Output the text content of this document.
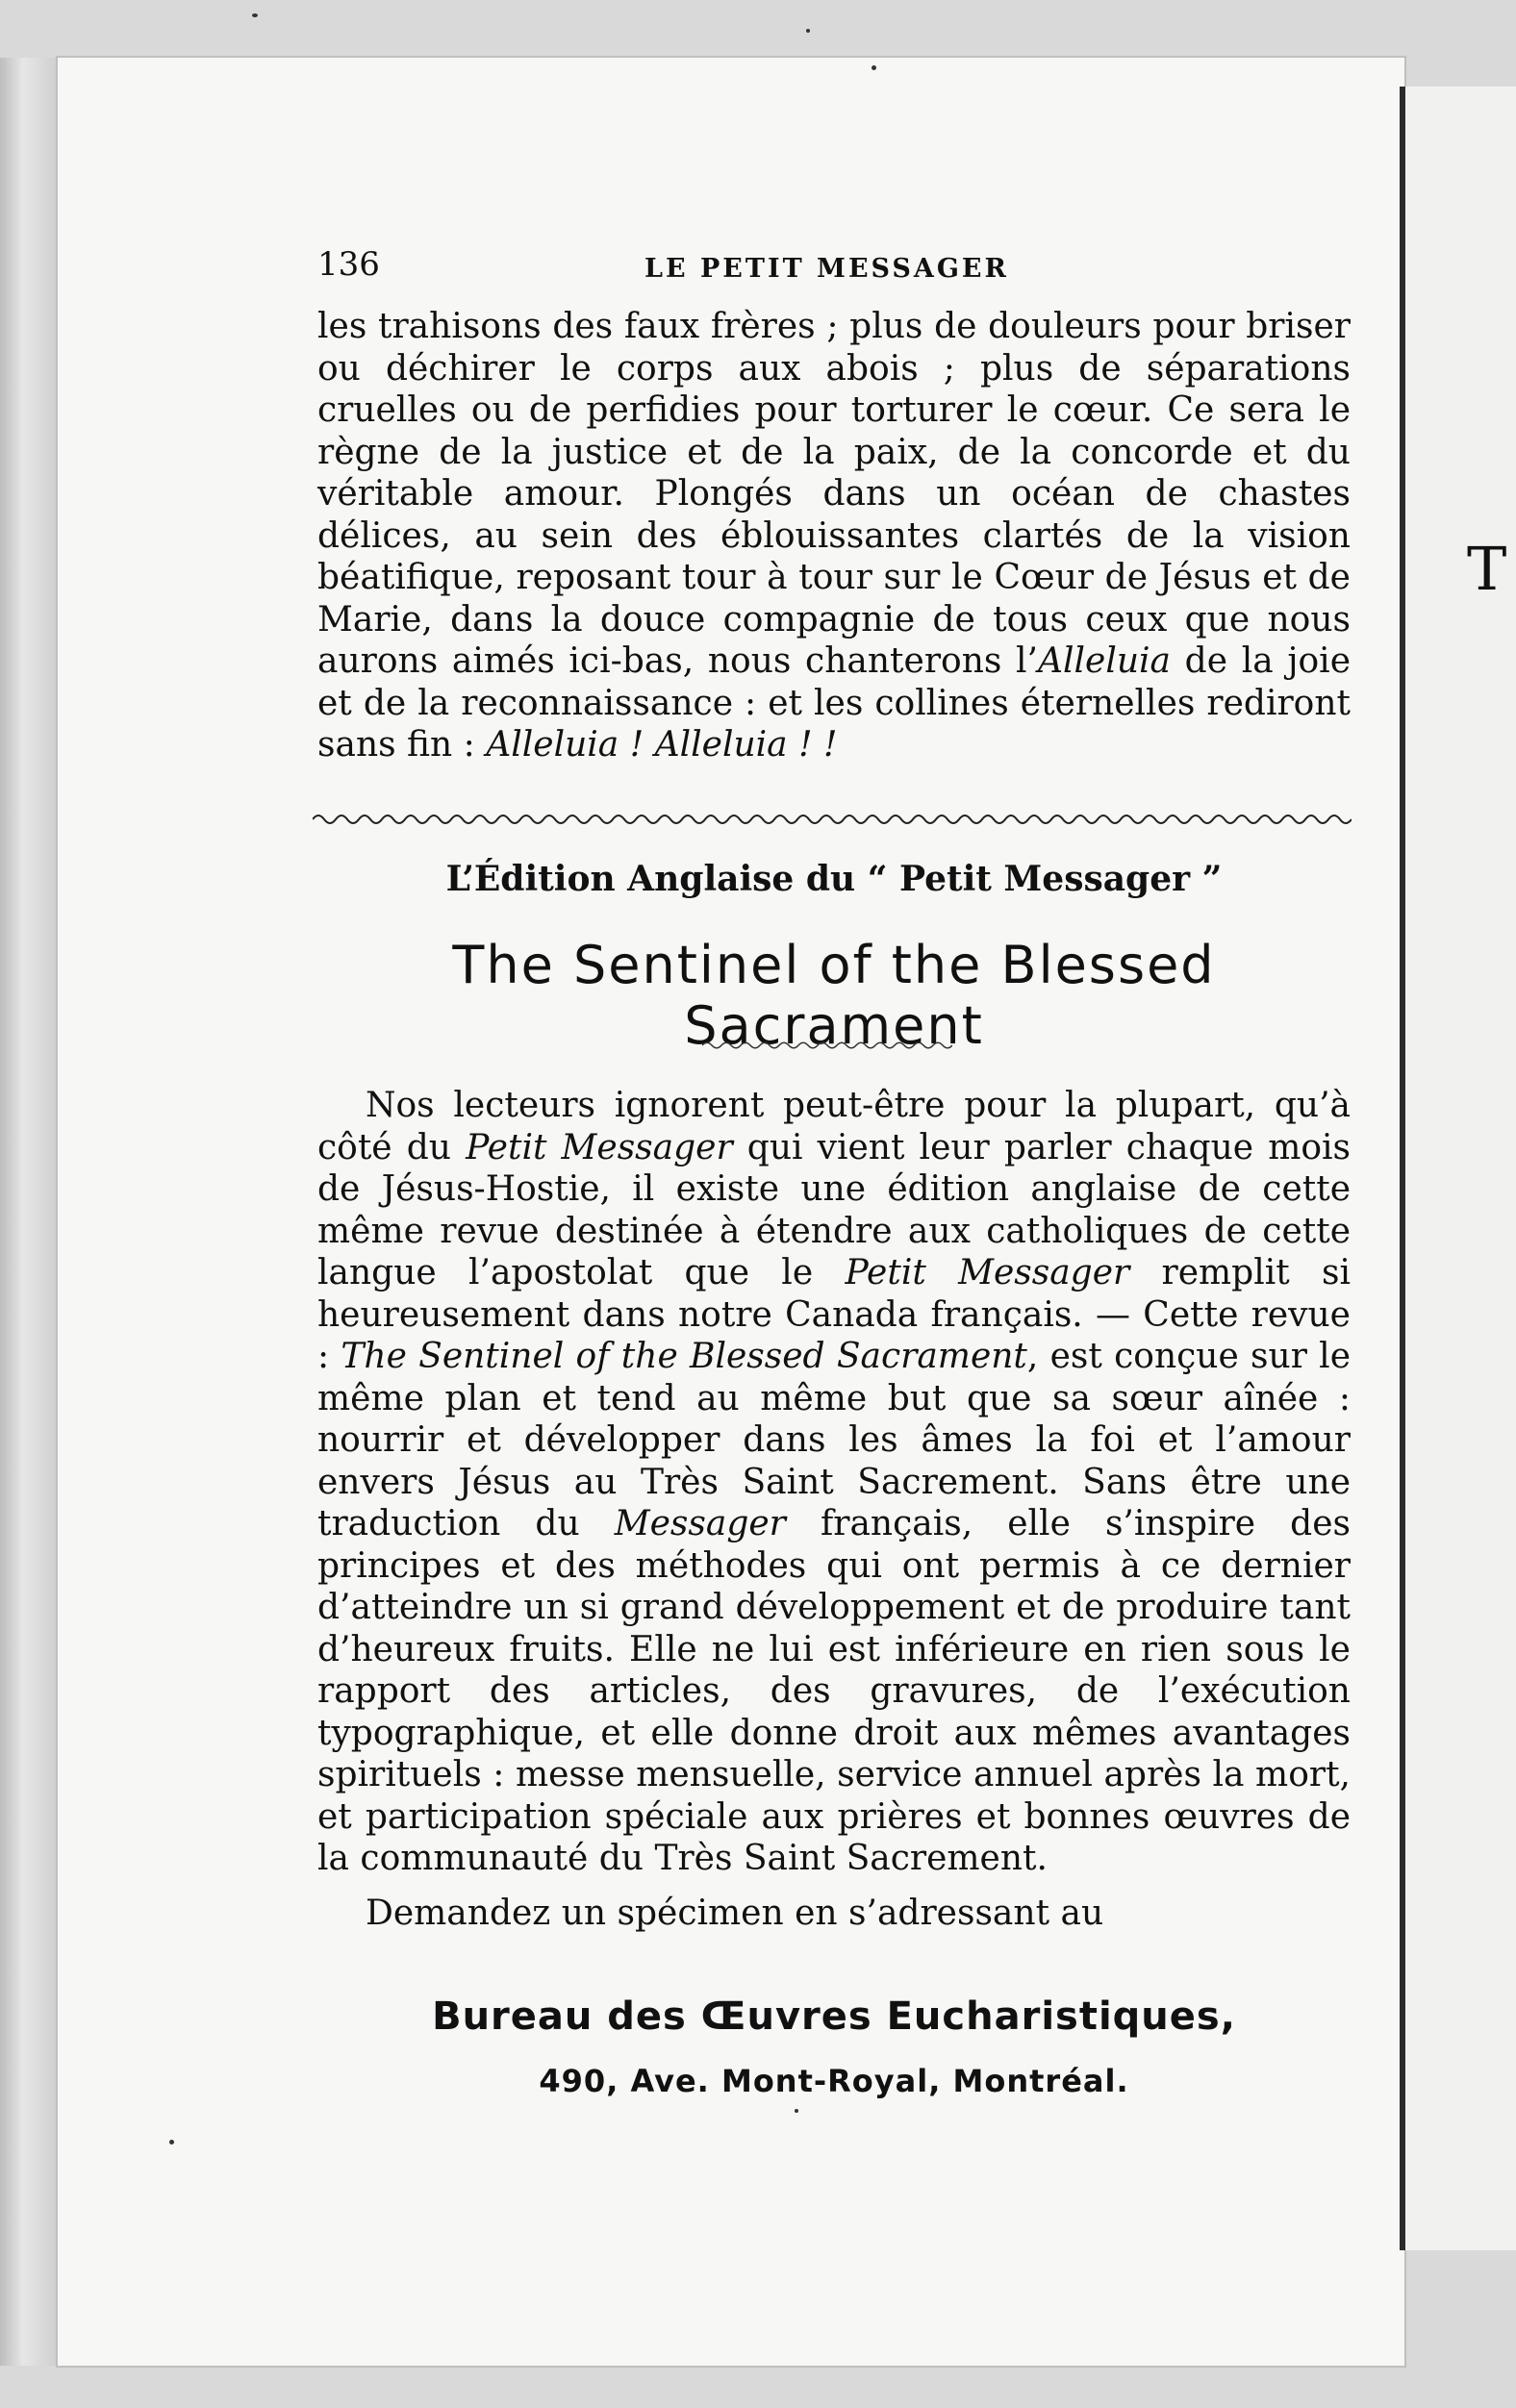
T
136	LE PETIT MESSAGER
les trahisons des faux frères ; plus de douleurs pour briser ou déchirer le corps aux abois ; plus de séparations cruelles ou de perfidies pour torturer le cœur. Ce sera le règne de la justice et de la paix, de la concorde et du véritable amour. Plongés dans un océan de chastes délices, au sein des éblouissantes clartés de la vision béatifique, reposant tour à tour sur le Cœur de Jésus et de Marie, dans la douce compagnie de tous ceux que nous aurons aimés ici-bas, nous chanterons l’Alleluia de la joie et de la reconnaissance : et les collines éternelles rediront sans fin : Alleluia ! Alleluia ! !
L’Édition Anglaise du “ Petit Messager ”
The Sentinel of the Blessed Sacrament
Nos lecteurs ignorent peut-être pour la plupart, qu’à côté du Petit Messager qui vient leur parler chaque mois de Jésus-Hostie, il existe une édition anglaise de cette même revue destinée à étendre aux catholiques de cette langue l’apostolat que le Petit Messager remplit si heureusement dans notre Canada français. — Cette revue : The Sentinel of the Blessed Sacrament, est conçue sur le même plan et tend au même but que sa sœur aînée : nourrir et développer dans les âmes la foi et l’amour envers Jésus au Très Saint Sacrement. Sans être une traduction du Messager français, elle s’inspire des principes et des méthodes qui ont permis à ce dernier d’atteindre un si grand développement et de produire tant d’heureux fruits. Elle ne lui est inférieure en rien sous le rapport des articles, des gravures, de l’exécution typographique, et elle donne droit aux mêmes avantages spirituels : messe mensuelle, service annuel après la mort, et participation spéciale aux prières et bonnes œuvres de la communauté du Très Saint Sacrement.
Demandez un spécimen en s’adressant au
Bureau des Œuvres Eucharistiques,
490, Ave. Mont-Royal, Montréal.
